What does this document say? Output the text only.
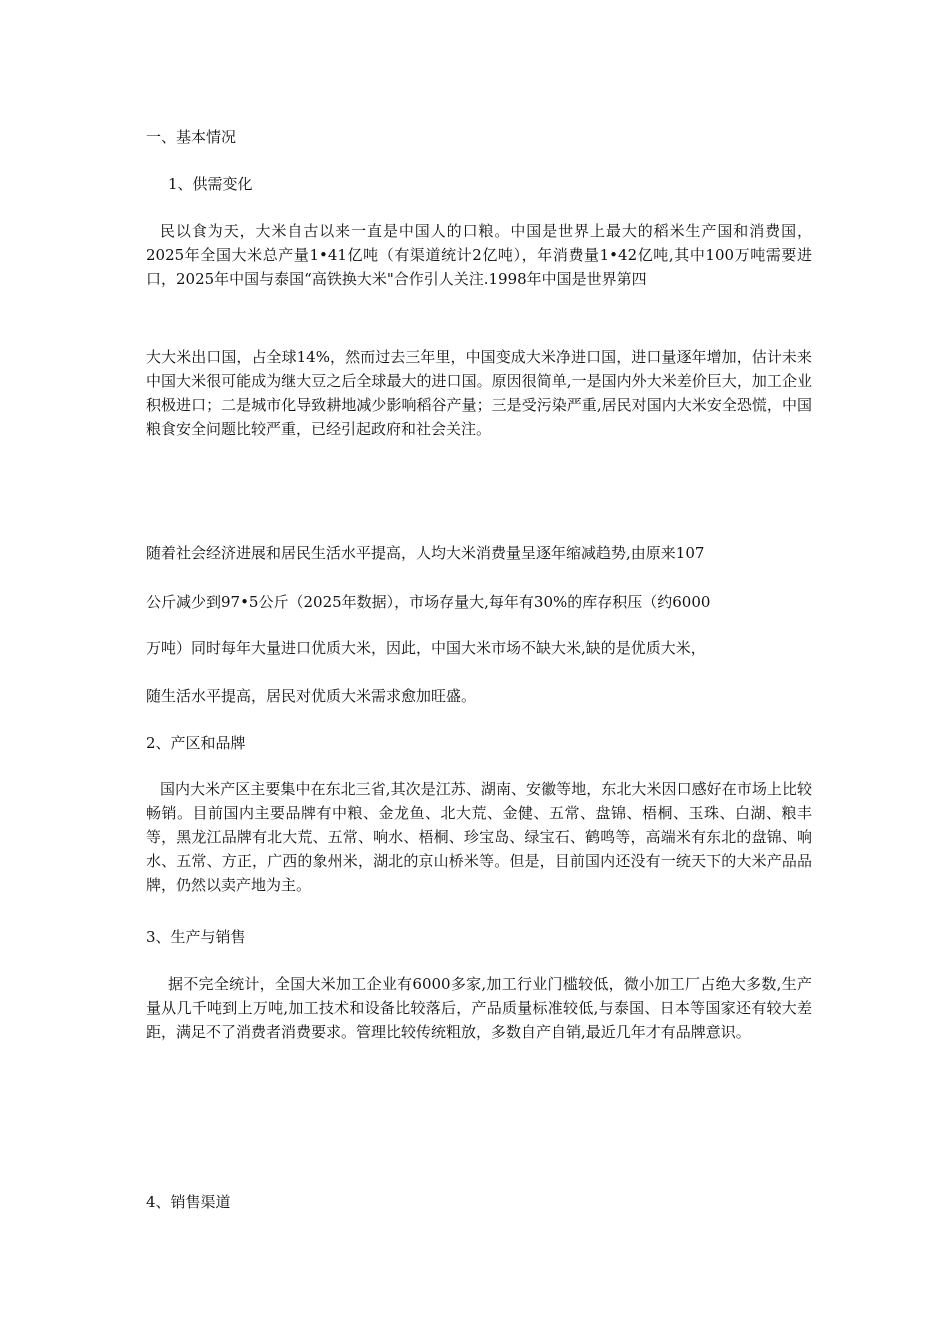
一、基本情况
1、供需变化
民以食为天，大米自古以来一直是中国人的口粮。中国是世界上最大的稻米生产国和消费国，2025年全国大米总产量1•41亿吨（有渠道统计2亿吨），年消费量1•42亿吨,其中100万吨需要进口，2025年中国与泰国“高铁换大米"合作引人关注.1998年中国是世界第四
大大米出口国，占全球14%，然而过去三年里，中国变成大米净进口国，进口量逐年增加，估计未来中国大米很可能成为继大豆之后全球最大的进口国。原因很简单,一是国内外大米差价巨大，加工企业积极进口；二是城市化导致耕地减少影响稻谷产量；三是受污染严重,居民对国内大米安全恐慌，中国粮食安全问题比较严重，已经引起政府和社会关注。
随着社会经济进展和居民生活水平提高，人均大米消费量呈逐年缩减趋势,由原来107
公斤减少到97•5公斤（2025年数据），市场存量大,每年有30%的库存积压（约6000
万吨）同时每年大量进口优质大米，因此，中国大米市场不缺大米,缺的是优质大米，
随生活水平提高，居民对优质大米需求愈加旺盛。
2、产区和品牌
国内大米产区主要集中在东北三省,其次是江苏、湖南、安徽等地，东北大米因口感好在市场上比较畅销。目前国内主要品牌有中粮、金龙鱼、北大荒、金健、五常、盘锦、梧桐、玉珠、白湖、粮丰等，黑龙江品牌有北大荒、五常、响水、梧桐、珍宝岛、绿宝石、鹤鸣等，高端米有东北的盘锦、响水、五常、方正，广西的象州米，湖北的京山桥米等。但是，目前国内还没有一统天下的大米产品品牌，仍然以卖产地为主。
3、生产与销售
据不完全统计，全国大米加工企业有6000多家,加工行业门槛较低，微小加工厂占绝大多数,生产量从几千吨到上万吨,加工技术和设备比较落后，产品质量标准较低,与泰国、日本等国家还有较大差距，满足不了消费者消费要求。管理比较传统粗放，多数自产自销,最近几年才有品牌意识。
4、销售渠道
